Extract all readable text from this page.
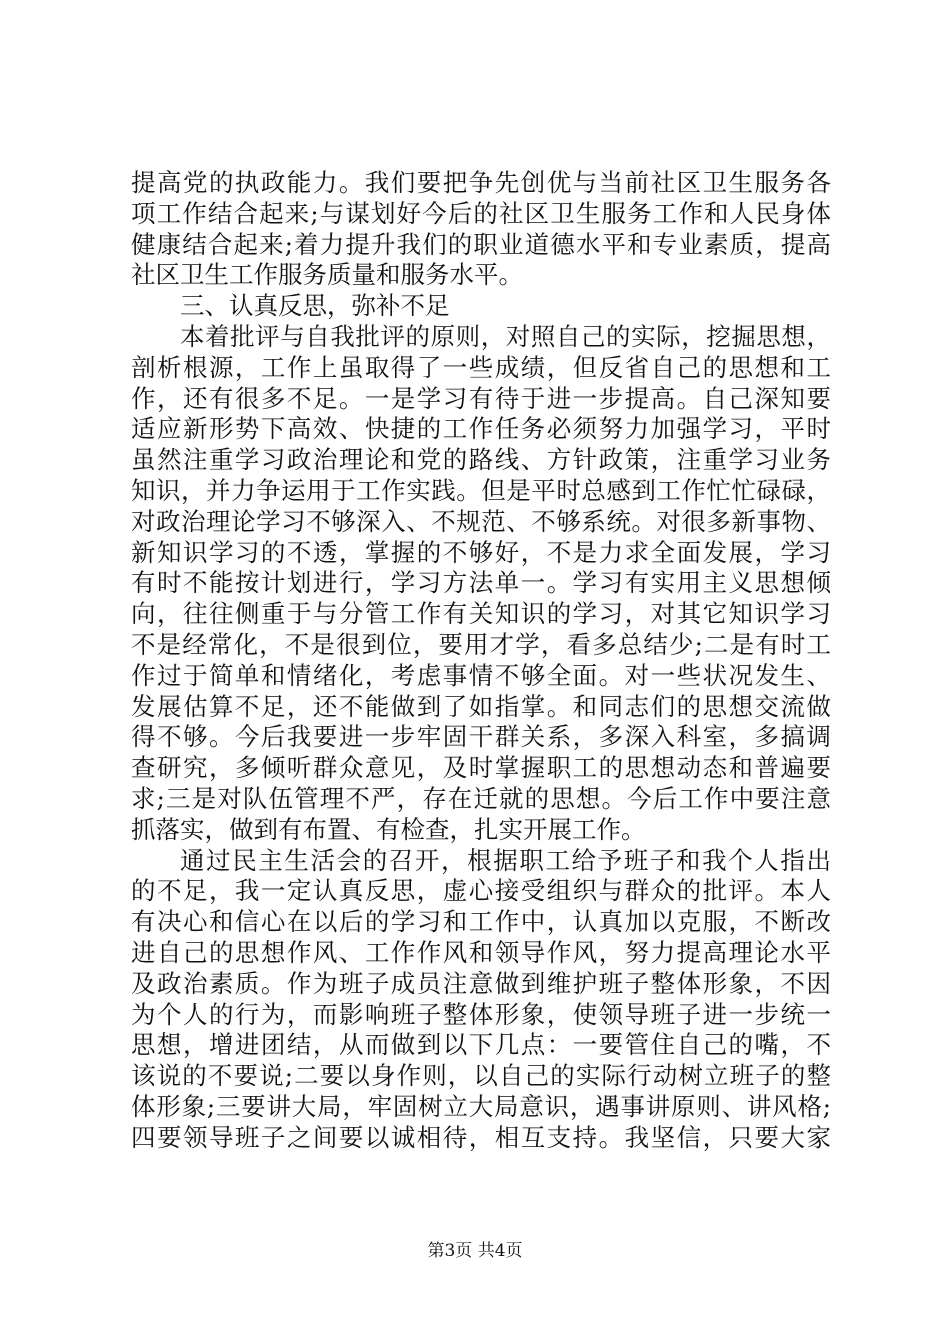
提高党的执政能力。我们要把争先创优与当前社区卫生服务各
项工作结合起来;与谋划好今后的社区卫生服务工作和人民身体
健康结合起来;着力提升我们的职业道德水平和专业素质，提高
社区卫生工作服务质量和服务水平。
三、认真反思，弥补不足
本着批评与自我批评的原则，对照自己的实际，挖掘思想，
剖析根源，工作上虽取得了一些成绩，但反省自己的思想和工
作，还有很多不足。一是学习有待于进一步提高。自己深知要
适应新形势下高效、快捷的工作任务必须努力加强学习，平时
虽然注重学习政治理论和党的路线、方针政策，注重学习业务
知识，并力争运用于工作实践。但是平时总感到工作忙忙碌碌，
对政治理论学习不够深入、不规范、不够系统。对很多新事物、
新知识学习的不透，掌握的不够好，不是力求全面发展，学习
有时不能按计划进行，学习方法单一。学习有实用主义思想倾
向，往往侧重于与分管工作有关知识的学习，对其它知识学习
不是经常化，不是很到位，要用才学，看多总结少;二是有时工
作过于简单和情绪化，考虑事情不够全面。对一些状况发生、
发展估算不足，还不能做到了如指掌。和同志们的思想交流做
得不够。今后我要进一步牢固干群关系，多深入科室，多搞调
查研究，多倾听群众意见，及时掌握职工的思想动态和普遍要
求;三是对队伍管理不严，存在迁就的思想。今后工作中要注意
抓落实，做到有布置、有检查，扎实开展工作。
通过民主生活会的召开，根据职工给予班子和我个人指出
的不足，我一定认真反思，虚心接受组织与群众的批评。本人
有决心和信心在以后的学习和工作中，认真加以克服，不断改
进自己的思想作风、工作作风和领导作风，努力提高理论水平
及政治素质。作为班子成员注意做到维护班子整体形象，不因
为个人的行为，而影响班子整体形象，使领导班子进一步统一
思想，增进团结，从而做到以下几点：一要管住自己的嘴，不
该说的不要说;二要以身作则，以自己的实际行动树立班子的整
体形象;三要讲大局，牢固树立大局意识，遇事讲原则、讲风格;
四要领导班子之间要以诚相待，相互支持。我坚信，只要大家
第3页 共4页
